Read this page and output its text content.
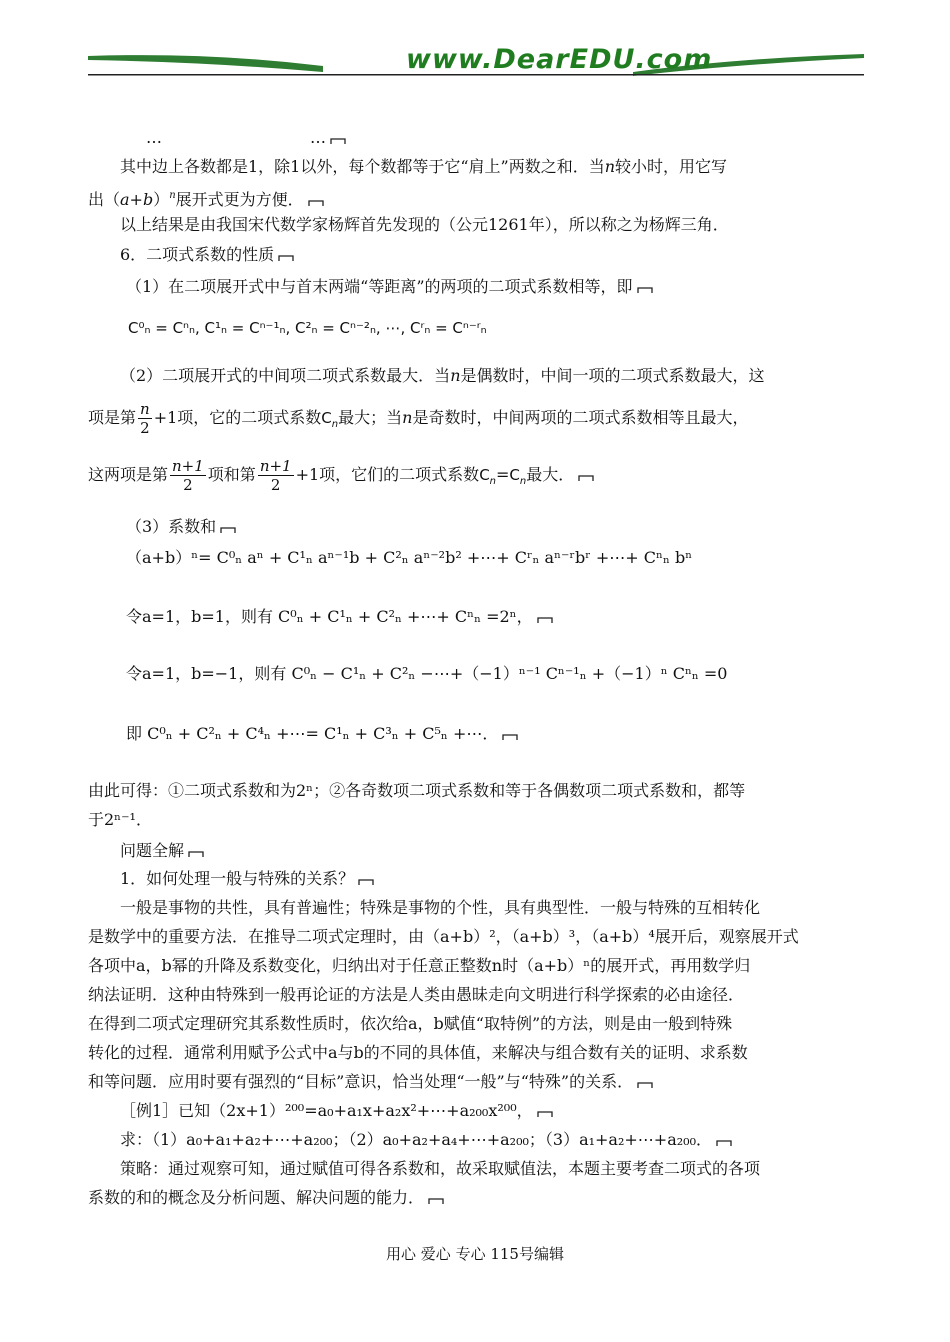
www.DearEDU.com
…	…
其中边上各数都是1，除1以外，每个数都等于它“肩上”两数之和．当n较小时，用它写
出$(a+b)^n$展开式更为方便．
以上结果是由我国宋代数学家杨辉首先发现的（公元1261年），所以称之为杨辉三角．
6．二项式系数的性质
（1）在二项展开式中与首末两端“等距离”的两项的二项式系数相等，即
C⁰ₙ = Cⁿₙ, C¹ₙ = Cⁿ⁻¹ₙ, C²ₙ = Cⁿ⁻²ₙ, ⋯, Cʳₙ = Cⁿ⁻ʳₙ
（2）二项展开式的中间项二项式系数最大．当n是偶数时，中间一项的二项式系数最大，这
项是第 $\frac{n}{2} +1$项，它的二项式系数$C_n$最大；当n是奇数时，中间两项的二项式系数相等且最大，
这两项是第 $\frac{n+1}{2}$ 项和第 $\frac{n+1}{2} +1$项，它们的二项式系数$C_n=C_n$最大．
（3）系数和
（a+b）ⁿ= C⁰ₙ aⁿ + C¹ₙ aⁿ⁻¹b + C²ₙ aⁿ⁻²b² +⋯+ Cʳₙ aⁿ⁻ʳbʳ +⋯+ Cⁿₙ bⁿ
令a=1，b=1，则有 C⁰ₙ + C¹ₙ + C²ₙ +⋯+ Cⁿₙ =2ⁿ，
令a=1，b=−1，则有 C⁰ₙ − C¹ₙ + C²ₙ −⋯+（−1）ⁿ⁻¹ Cⁿ⁻¹ₙ +（−1）ⁿ Cⁿₙ =0
即 C⁰ₙ + C²ₙ + C⁴ₙ +⋯= C¹ₙ + C³ₙ + C⁵ₙ +⋯．
由此可得：①二项式系数和为2ⁿ；②各奇数项二项式系数和等于各偶数项二项式系数和，都等
于2ⁿ⁻¹．
问题全解
1．如何处理一般与特殊的关系？
一般是事物的共性，具有普遍性；特殊是事物的个性，具有典型性．一般与特殊的互相转化
是数学中的重要方法．在推导二项式定理时，由（a+b）²，（a+b）³，（a+b）⁴展开后，观察展开式
各项中a，b幂的升降及系数变化，归纳出对于任意正整数n时（a+b）ⁿ的展开式，再用数学归
纳法证明．这种由特殊到一般再论证的方法是人类由愚昧走向文明进行科学探索的必由途径．
在得到二项式定理研究其系数性质时，依次给a，b赋值“取特例”的方法，则是由一般到特殊
转化的过程．通常利用赋予公式中a与b的不同的具体值，来解决与组合数有关的证明、求系数
和等问题．应用时要有强烈的“目标”意识，恰当处理“一般”与“特殊”的关系．
［例1］已知（2x+1）²⁰⁰=a₀+a₁x+a₂x²+⋯+a₂₀₀x²⁰⁰，
求：（1）a₀+a₁+a₂+⋯+a₂₀₀；（2）a₀+a₂+a₄+⋯+a₂₀₀；（3）a₁+a₂+⋯+a₂₀₀．
策略：通过观察可知，通过赋值可得各系数和，故采取赋值法，本题主要考查二项式的各项
系数的和的概念及分析问题、解决问题的能力．
用心 爱心 专心 115号编辑
